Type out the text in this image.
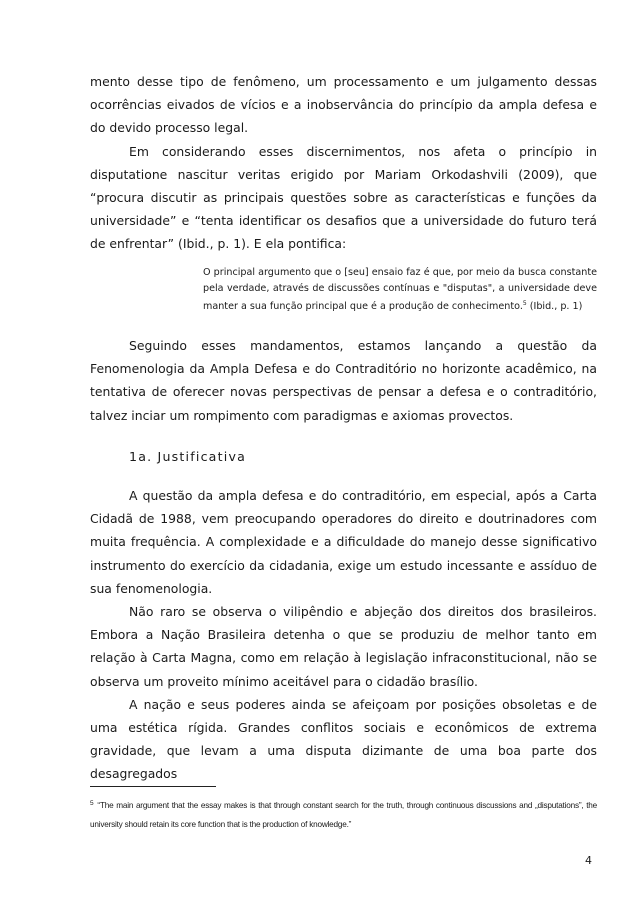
mento desse tipo de fenômeno, um processamento e um julgamento dessas ocorrências eivados de vícios e a inobservância do princípio da ampla defesa e do devido processo legal.

Em considerando esses discernimentos, nos afeta o princípio in disputatione nascitur veritas erigido por Mariam Orkodashvili (2009), que “procura discutir as principais questões sobre as características e funções da universidade” e “tenta identificar os desafios que a universidade do futuro terá de enfrentar” (Ibid., p. 1). E ela pontifica:

O principal argumento que o [seu] ensaio faz é que, por meio da busca constante pela verdade, através de discussões contínuas e "disputas", a universidade deve manter a sua função principal que é a produção de conhecimento.$^5$ (Ibid., p. 1)

Seguindo esses mandamentos, estamos lançando a questão da Fenomenologia da Ampla Defesa e do Contraditório no horizonte acadêmico, na tentativa de oferecer novas perspectivas de pensar a defesa e o contraditório, talvez inciar um rompimento com paradigmas e axiomas provectos.

1a. Justificativa

A questão da ampla defesa e do contraditório, em especial, após a Carta Cidadã de 1988, vem preocupando operadores do direito e doutrinadores com muita frequência. A complexidade e a dificuldade do manejo desse significativo instrumento do exercício da cidadania, exige um estudo incessante e assíduo de sua fenomenologia.

Não raro se observa o vilipêndio e abjeção dos direitos dos brasileiros. Embora a Nação Brasileira detenha o que se produziu de melhor tanto em relação à Carta Magna, como em relação à legislação infraconstitucional, não se observa um proveito mínimo aceitável para o cidadão brasílio.

A nação e seus poderes ainda se afeiçoam por posições obsoletas e de uma estética rígida. Grandes conflitos sociais e econômicos de extrema gravidade, que levam a uma disputa dizimante de uma boa parte dos desagregados

$^5$ “The main argument that the essay makes is that through constant search for the truth, through continuous discussions and „disputations”, the university should retain its core function that is the production of knowledge.”

4
